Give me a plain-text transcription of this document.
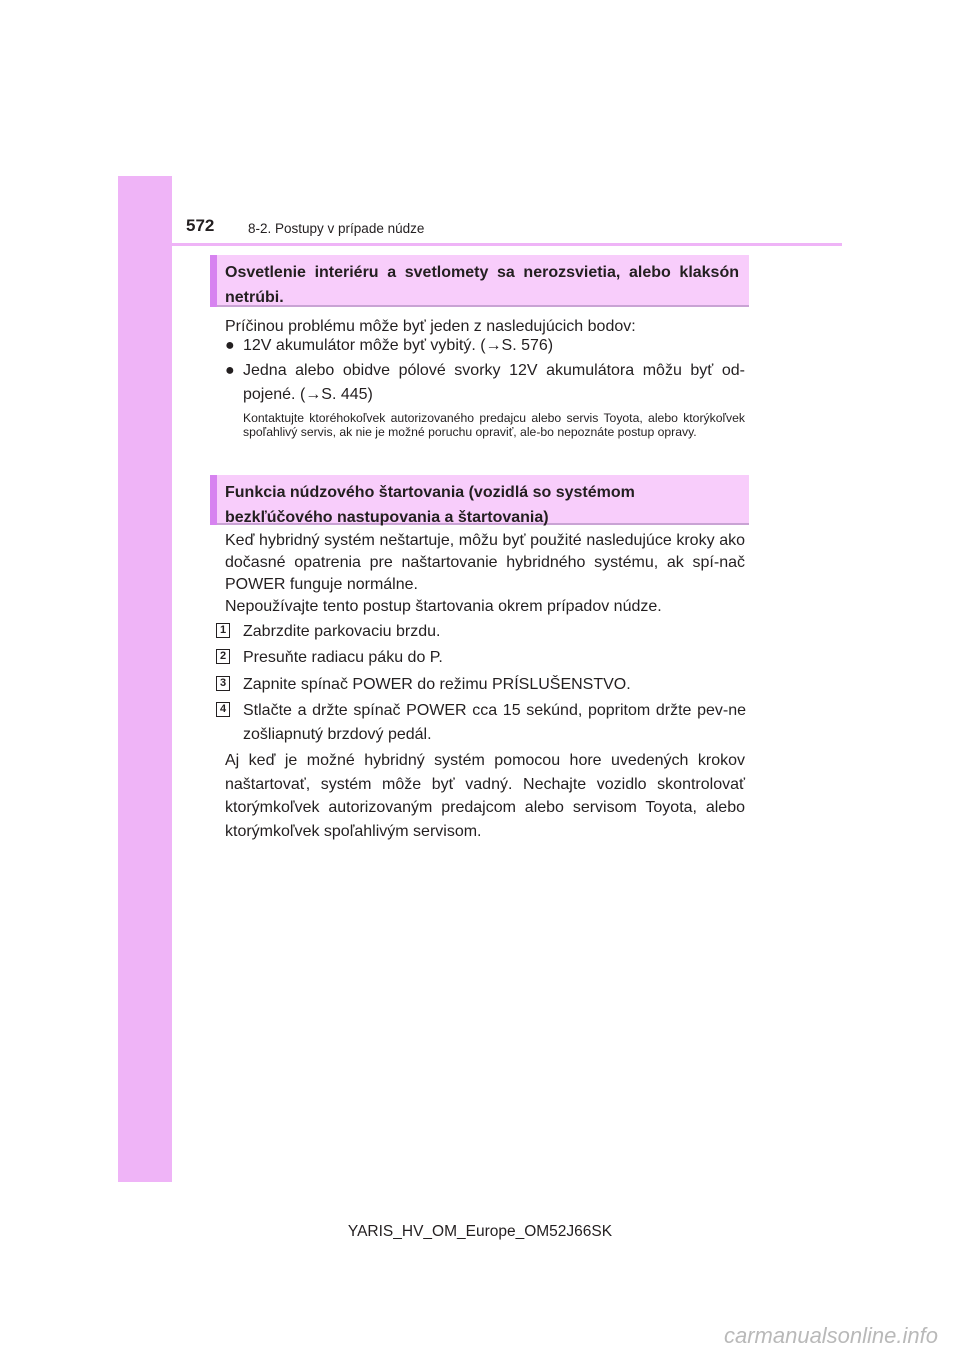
572 8-2. Postupy v prípade núdze
Osvetlenie interiéru a svetlomety sa nerozsvietia, alebo klaksón netrúbi.
Príčinou problému môže byť jeden z nasledujúcich bodov:
● 12V akumulátor môže byť vybitý. (→S. 576)
● Jedna alebo obidve pólové svorky 12V akumulátora môžu byť od-pojené. (→S. 445)
Kontaktujte ktoréhokoľvek autorizovaného predajcu alebo servis Toyota, alebo ktorýkoľvek spoľahlivý servis, ak nie je možné poruchu opraviť, ale-bo nepoznáte postup opravy.
Funkcia núdzového štartovania (vozidlá so systémom
bezkľúčového nastupovania a štartovania)
Keď hybridný systém neštartuje, môžu byť použité nasledujúce kroky ako dočasné opatrenia pre naštartovanie hybridného systému, ak spí-nač POWER funguje normálne.
Nepoužívajte tento postup štartovania okrem prípadov núdze.
1 Zabrzdite parkovaciu brzdu.
2 Presuňte radiacu páku do P.
3 Zapnite spínač POWER do režimu PRÍSLUŠENSTVO.
4 Stlačte a držte spínač POWER cca 15 sekúnd, popritom držte pev-ne zošliapnutý brzdový pedál.
Aj keď je možné hybridný systém pomocou hore uvedených krokov naštartovať, systém môže byť vadný. Nechajte vozidlo skontrolovať ktorýmkoľvek autorizovaným predajcom alebo servisom Toyota, alebo ktorýmkoľvek spoľahlivým servisom.
YARIS_HV_OM_Europe_OM52J66SK
carmanualsonline.info
